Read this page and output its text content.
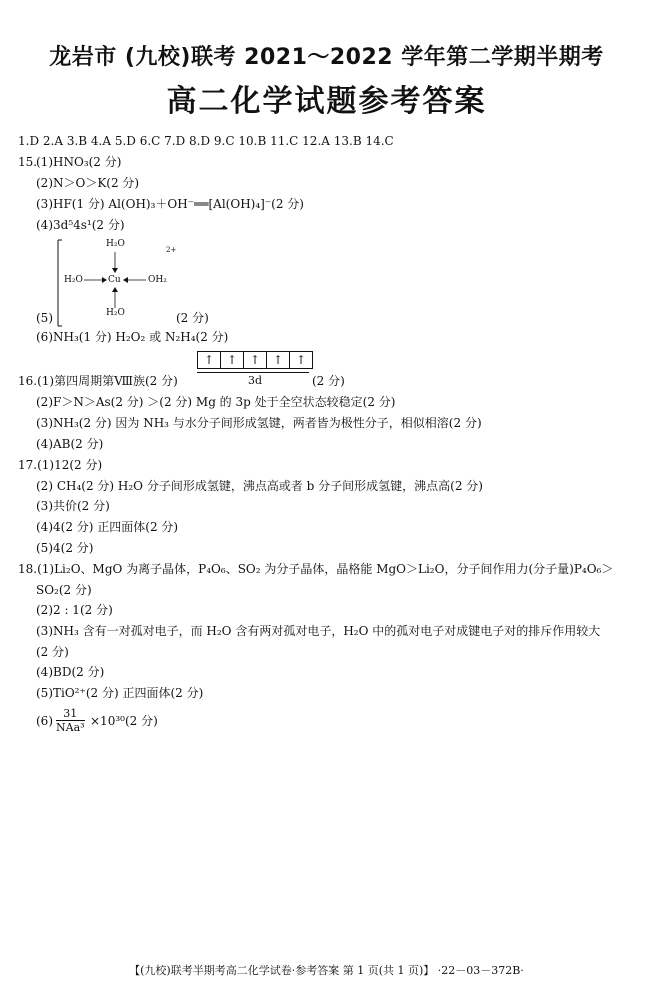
龙岩市 (九校)联考 2021～2022 学年第二学期半期考
高二化学试题参考答案
1.D 2.A 3.B 4.A 5.D 6.C 7.D 8.D 9.C 10.B 11.C 12.A 13.B 14.C
15.
(1)HNO₃(2 分)
(2)N＞O＞K(2 分)
(3)HF(1 分) Al(OH)₃＋OH⁻══[Al(OH)₄]⁻(2 分)
(4)3d⁵4s¹(2 分)
H₂O
H₂O	Cu	OH₂
H₂O
2+
(5)	(2 分)
(6)NH₃(1 分) H₂O₂ 或 N₂H₄(2 分)
16.(1)第四周期第Ⅷ族(2 分)
↑	↑	↑	↑	↑
3d	(2 分)
(2)F＞N＞As(2 分) ＞(2 分) Mg 的 3p 处于全空状态较稳定(2 分)
(3)NH₃(2 分) 因为 NH₃ 与水分子间形成氢键，两者皆为极性分子，相似相溶(2 分)
(4)AB(2 分)
17.(1)12(2 分)
(2) CH₄(2 分) H₂O 分子间形成氢键，沸点高或者 b 分子间形成氢键，沸点高(2 分)
(3)共价(2 分)
(4)4(2 分) 正四面体(2 分)
(5)4(2 分)
18.(1)Li₂O、MgO 为离子晶体，P₄O₆、SO₂ 为分子晶体，晶格能 MgO＞Li₂O，分子间作用力(分子量)P₄O₆＞
SO₂(2 分)
(2)2 : 1(2 分)
(3)NH₃ 含有一对孤对电子，而 H₂O 含有两对孤对电子，H₂O 中的孤对电子对成键电子对的排斥作用较大
(2 分)
(4)BD(2 分)
(5)TiO²⁺(2 分) 正四面体(2 分)
(6)
31
NAa³ ×10³⁰(2 分)
【(九校)联考半期考高二化学试卷·参考答案 第 1 页(共 1 页)】 ·22－03－372B·
